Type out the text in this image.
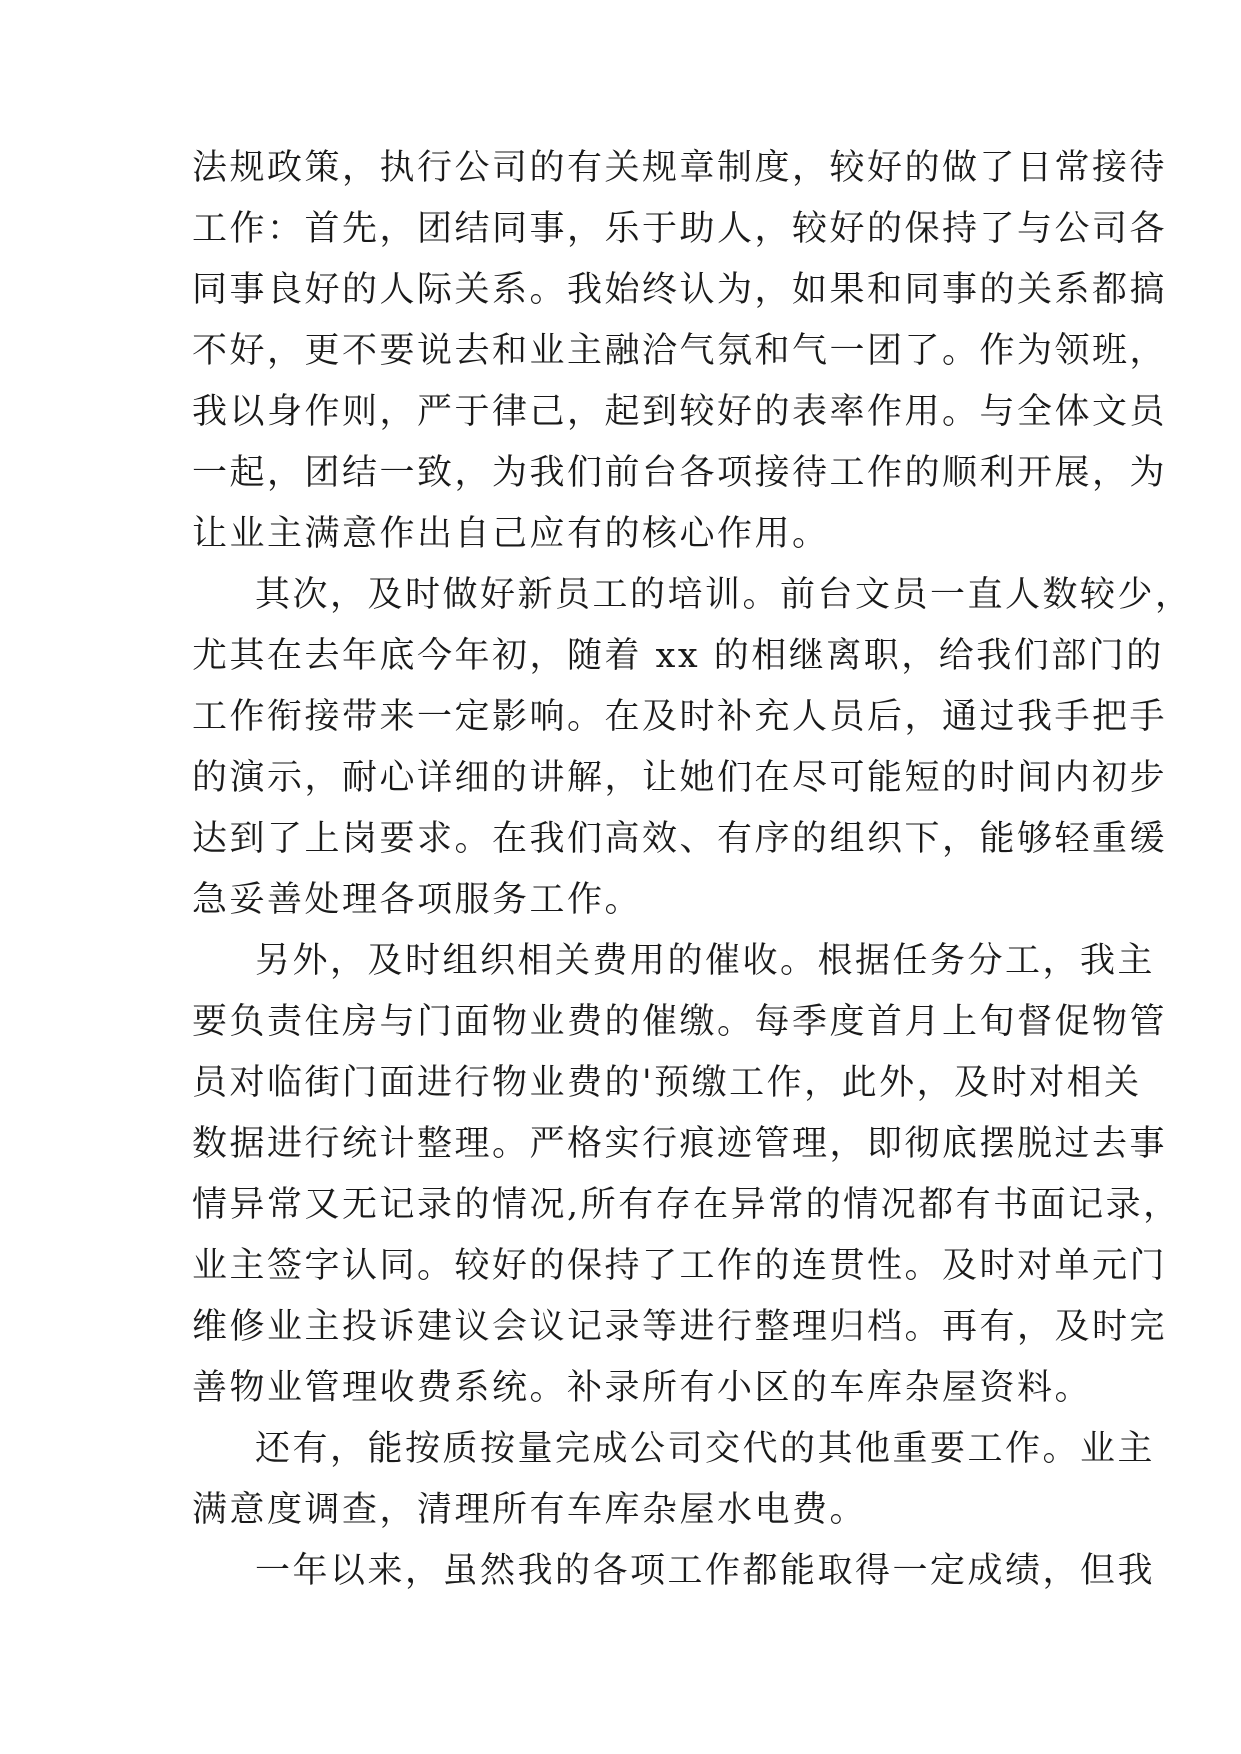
法规政策，执行公司的有关规章制度，较好的做了日常接待
工作：首先，团结同事，乐于助人，较好的保持了与公司各
同事良好的人际关系。我始终认为，如果和同事的关系都搞
不好，更不要说去和业主融洽气氛和气一团了。作为领班，
我以身作则，严于律己，起到较好的表率作用。与全体文员
一起，团结一致，为我们前台各项接待工作的顺利开展，为
让业主满意作出自己应有的核心作用。
其次，及时做好新员工的培训。前台文员一直人数较少，
尤其在去年底今年初，随着 xx 的相继离职，给我们部门的
工作衔接带来一定影响。在及时补充人员后，通过我手把手
的演示，耐心详细的讲解，让她们在尽可能短的时间内初步
达到了上岗要求。在我们高效、有序的组织下，能够轻重缓
急妥善处理各项服务工作。
另外，及时组织相关费用的催收。根据任务分工，我主
要负责住房与门面物业费的催缴。每季度首月上旬督促物管
员对临街门面进行物业费的'预缴工作，此外，及时对相关
数据进行统计整理。严格实行痕迹管理，即彻底摆脱过去事
情异常又无记录的情况,所有存在异常的情况都有书面记录，
业主签字认同。较好的保持了工作的连贯性。及时对单元门
维修业主投诉建议会议记录等进行整理归档。再有，及时完
善物业管理收费系统。补录所有小区的车库杂屋资料。
还有，能按质按量完成公司交代的其他重要工作。业主
满意度调查，清理所有车库杂屋水电费。
一年以来，虽然我的各项工作都能取得一定成绩，但我
